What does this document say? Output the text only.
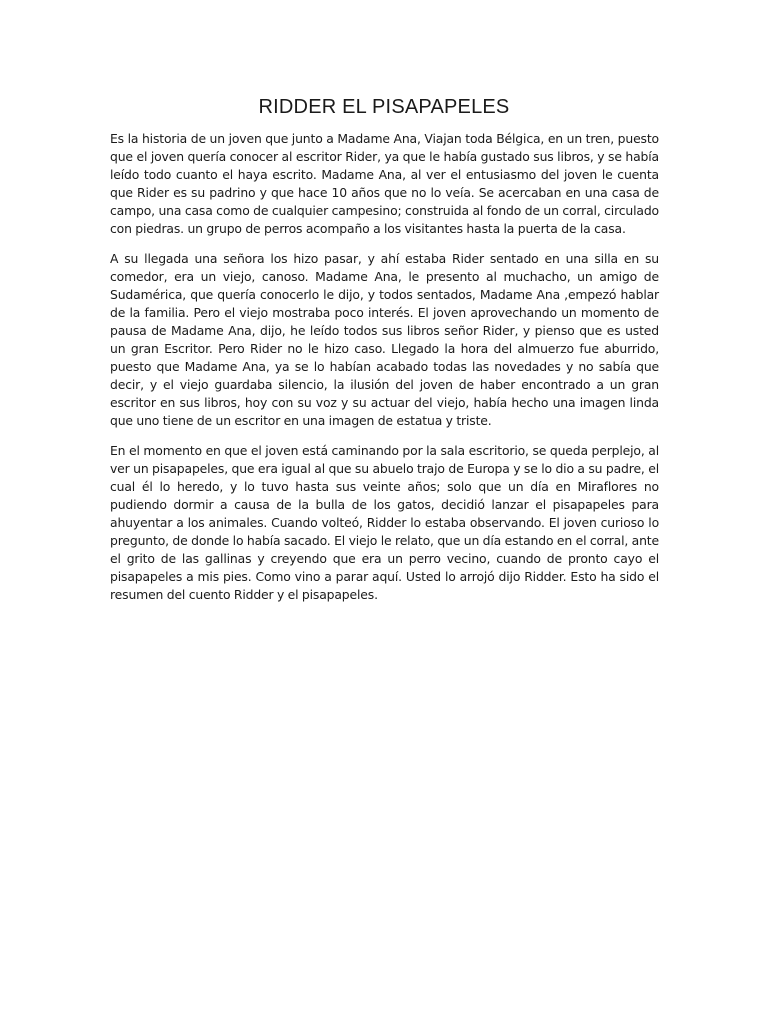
RIDDER EL PISAPAPELES

Es la historia de un joven que junto a Madame Ana, Viajan toda Bélgica, en un tren, puesto que el joven quería conocer al escritor Rider, ya que le había gustado sus libros, y se había leído todo cuanto el haya escrito. Madame Ana, al ver el entusiasmo del joven le cuenta que Rider es su padrino y que hace 10 años que no lo veía. Se acercaban en una casa de campo, una casa como de cualquier campesino; construida al fondo de un corral, circulado con piedras. un grupo de perros acompaño a los visitantes hasta la puerta de la casa.

A su llegada una señora los hizo pasar, y ahí estaba Rider sentado en una silla en su comedor, era un viejo, canoso. Madame Ana, le presento al muchacho, un amigo de Sudamérica, que quería conocerlo le dijo, y todos sentados, Madame Ana ,empezó hablar de la familia. Pero el viejo mostraba poco interés. El joven aprovechando un momento de pausa de Madame Ana, dijo, he leído todos sus libros señor Rider, y pienso que es usted un gran Escritor. Pero Rider no le hizo caso. Llegado la hora del almuerzo fue aburrido, puesto que Madame Ana, ya se lo habían acabado todas las novedades y no sabía que decir, y el viejo guardaba silencio, la ilusión del joven de haber encontrado a un gran escritor en sus libros, hoy con su voz y su actuar del viejo, había hecho una imagen linda que uno tiene de un escritor en una imagen de estatua y triste.

En el momento en que el joven está caminando por la sala escritorio, se queda perplejo, al ver un pisapapeles, que era igual al que su abuelo trajo de Europa y se lo dio a su padre, el cual él lo heredo, y lo tuvo hasta sus veinte años; solo que un día en Miraflores no pudiendo dormir a causa de la bulla de los gatos, decidió lanzar el pisapapeles para ahuyentar a los animales. Cuando volteó, Ridder lo estaba observando. El joven curioso lo pregunto, de donde lo había sacado. El viejo le relato, que un día estando en el corral, ante el grito de las gallinas y creyendo que era un perro vecino, cuando de pronto cayo el pisapapeles a mis pies. Como vino a parar aquí. Usted lo arrojó dijo Ridder. Esto ha sido el resumen del cuento Ridder y el pisapapeles.
